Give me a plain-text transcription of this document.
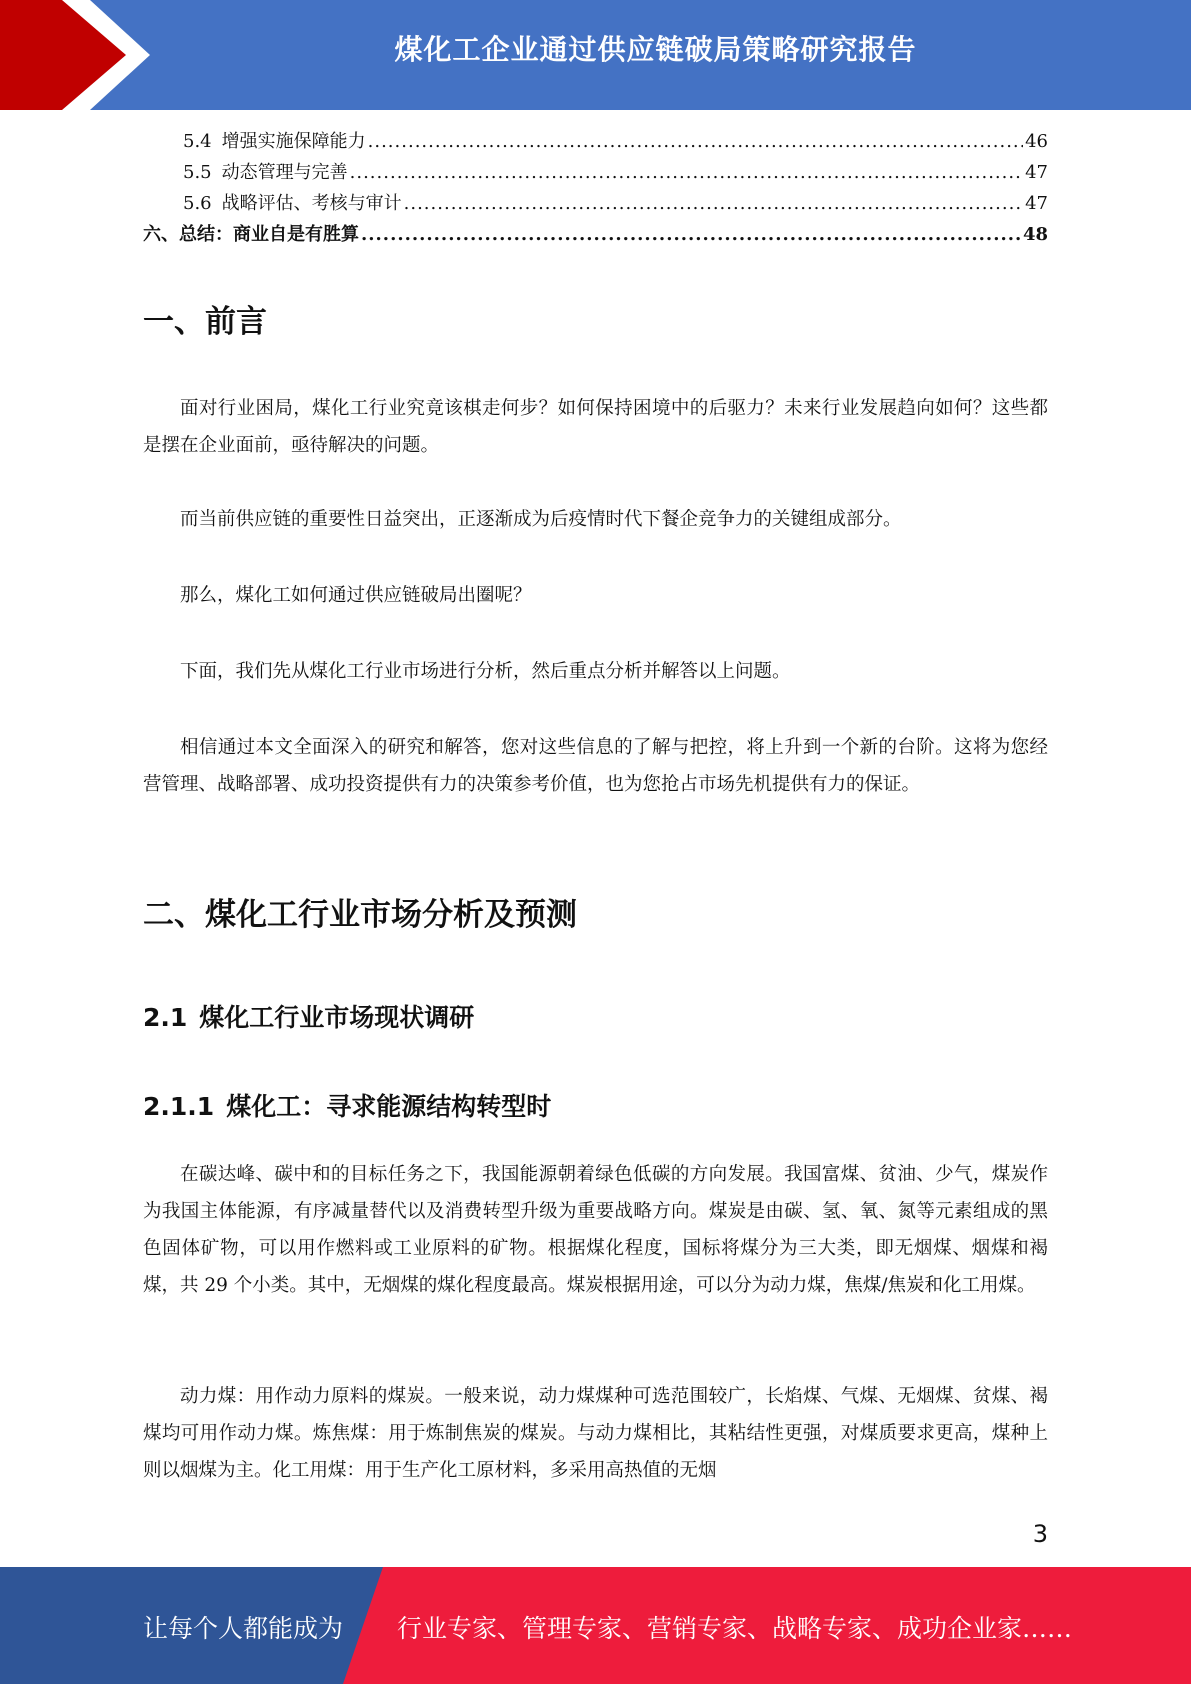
煤化工企业通过供应链破局策略研究报告
5.4 增强实施保障能力 .....	46
5.5 动态管理与完善 .....	47
5.6 战略评估、考核与审计 .....	47
六、总结：商业自是有胜算 .....	48
一、前言

面对行业困局，煤化工行业究竟该棋走何步？如何保持困境中的后驱力？未来行业发展趋向如何？这些都是摆在企业面前，亟待解决的问题。

而当前供应链的重要性日益突出，正逐渐成为后疫情时代下餐企竞争力的关键组成部分。

那么，煤化工如何通过供应链破局出圈呢？

下面，我们先从煤化工行业市场进行分析，然后重点分析并解答以上问题。

相信通过本文全面深入的研究和解答，您对这些信息的了解与把控，将上升到一个新的台阶。这将为您经营管理、战略部署、成功投资提供有力的决策参考价值，也为您抢占市场先机提供有力的保证。

二、煤化工行业市场分析及预测
2.1 煤化工行业市场现状调研
2.1.1 煤化工：寻求能源结构转型时

在碳达峰、碳中和的目标任务之下，我国能源朝着绿色低碳的方向发展。我国富煤、贫油、少气，煤炭作为我国主体能源，有序减量替代以及消费转型升级为重要战略方向。煤炭是由碳、氢、氧、氮等元素组成的黑色固体矿物，可以用作燃料或工业原料的矿物。根据煤化程度，国标将煤分为三大类，即无烟煤、烟煤和褐煤，共 29 个小类。其中，无烟煤的煤化程度最高。煤炭根据用途，可以分为动力煤，焦煤/焦炭和化工用煤。

动力煤：用作动力原料的煤炭。一般来说，动力煤煤种可选范围较广，长焰煤、气煤、无烟煤、贫煤、褐煤均可用作动力煤。炼焦煤：用于炼制焦炭的煤炭。与动力煤相比，其粘结性更强，对煤质要求更高，煤种上则以烟煤为主。化工用煤：用于生产化工原材料，多采用高热值的无烟

3
让每个人都能成为 行业专家、管理专家、营销专家、战略专家、成功企业家……
